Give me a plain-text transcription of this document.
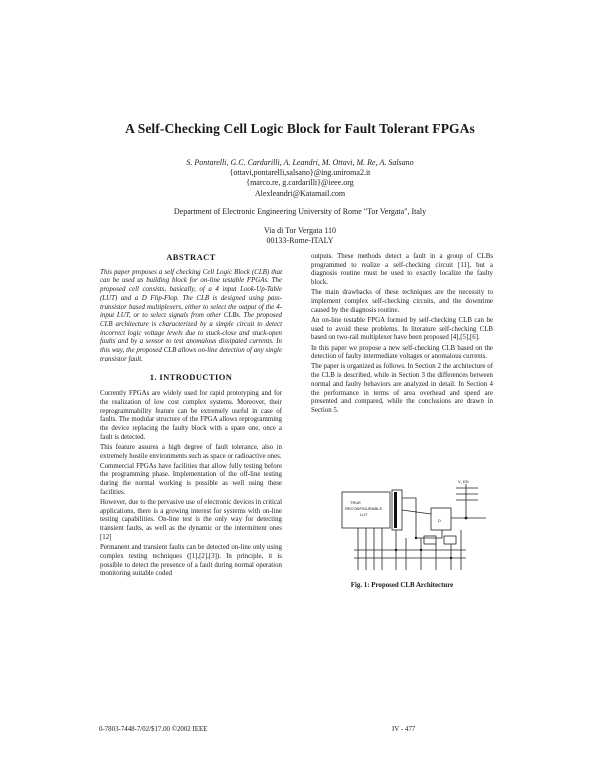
A Self-Checking Cell Logic Block for Fault Tolerant FPGAs
S. Pontarelli, G.C. Cardarilli, A. Leandri, M. Ottavi, M. Re, A. Salsano
{ottavi,pontarelli,salsano}@ing.uniroma2.it
{marco.re, g.cardarilli}@ieee.org
Alexleandri@Katamail.com
Department of Electronic Engineering University of Rome "Tor Vergata", Italy
Via di Tor Vergata 110
00133-Rome-ITALY
ABSTRACT
This paper proposes a self checking Cell Logic Block (CLB) that can be used as building block for on-line testable FPGAs. The proposed cell consists, basically, of a 4 input Look-Up-Table (LUT) and a D Flip-Flop. The CLB is designed using pass-transistor based multiplexers, either to select the output of the 4-input LUT, or to select signals from other CLBs. The proposed CLB architecture is characterized by a simple circuit to detect incorrect logic voltage levels due to stuck-close and stuck-open faults and by a sensor to test anomalous dissipated currents. In this way, the proposed CLB allows on-line detection of any single transistor fault.
1. INTRODUCTION
Currently FPGAs are widely used for rapid prototyping and for the realization of low cost complex systems. Moreover, their reprogrammability feature can be extremely useful in case of faults. The modular structure of the FPGA allows reprogramming the device replacing the faulty block with a spare one, once a fault is detected.
This feature assures a high degree of fault tolerance, also in extremely hostile environments such as space or radioactive ones.
Commercial FPGAs have facilities that allow fully testing before the programming phase. Implementation of the off-line testing during the normal working is possible as well using these facilities.
However, due to the pervasive use of electronic devices in critical applications, there is a growing interest for systems with on-line testing capabilities. On-line test is the only way for detecting transient faults, as well as the dynamic or the intermittent ones [12]
Permanent and transient faults can be detected on-line only using complex testing techniques ([1],[2],[3]). In principle, it is possible to detect the presence of a fault during normal operation monitoring suitable coded
outputs. These methods detect a fault in a group of CLBs programmed to realize a self-checking circuit [11], but a diagnosis routine must be used to exactly localize the faulty block.
The main drawbacks of these techniques are the necessity to implement complex self-checking circuits, and the downtime caused by the diagnosis routine.
An on-line testable FPGA formed by self-checking CLB can be used to avoid these problems. In literature self-checking CLB based on two-rail multiplexer have been proposed [4],[5],[6].
In this paper we propose a new self-checking CLB based on the detection of faulty intermediate voltages or anomalous currents.
The paper is organized as follows. In Section 2 the architecture of the CLB is described, while in Section 3 the differences between normal and faulty behaviors are analyzed in detail. In Section 4 the performance in terms of area overhead and speed are presented and compared, while the conclusions are drawn in Section 5.
TRUE
RECONFIGURABLE
LUT
D
V_DD
Fig. 1: Proposed CLB Architecture
0-7803-7448-7/02/$17.00 ©2002 IEEE	IV - 477
